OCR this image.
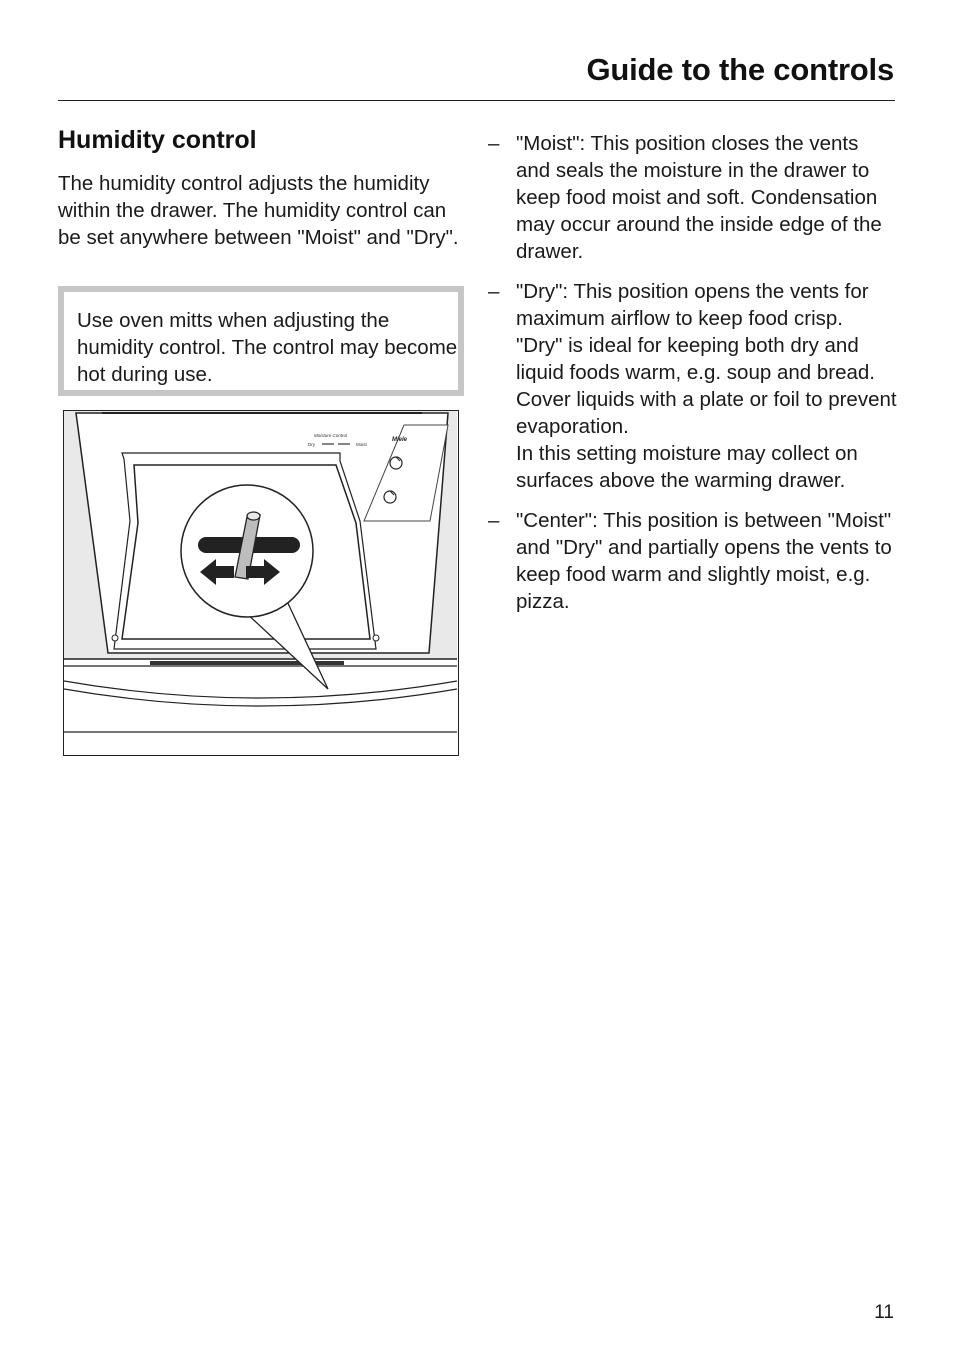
Guide to the controls
Humidity control

The humidity control adjusts the humidity within the drawer. The humidity control can be set anywhere between "Moist" and "Dry".

Use oven mitts when adjusting the humidity control. The control may become hot during use.

Moisture Control
Dry	Moist
Miele
– "Moist": This position closes the vents and seals the moisture in the drawer to keep food moist and soft. Condensation may occur around the inside edge of the drawer.
– "Dry": This position opens the vents for maximum airflow to keep food crisp.
"Dry" is ideal for keeping both dry and liquid foods warm, e.g. soup and bread. Cover liquids with a plate or foil to prevent evaporation.
In this setting moisture may collect on surfaces above the warming drawer.
– "Center": This position is between "Moist" and "Dry" and partially opens the vents to keep food warm and slightly moist, e.g. pizza.
11
